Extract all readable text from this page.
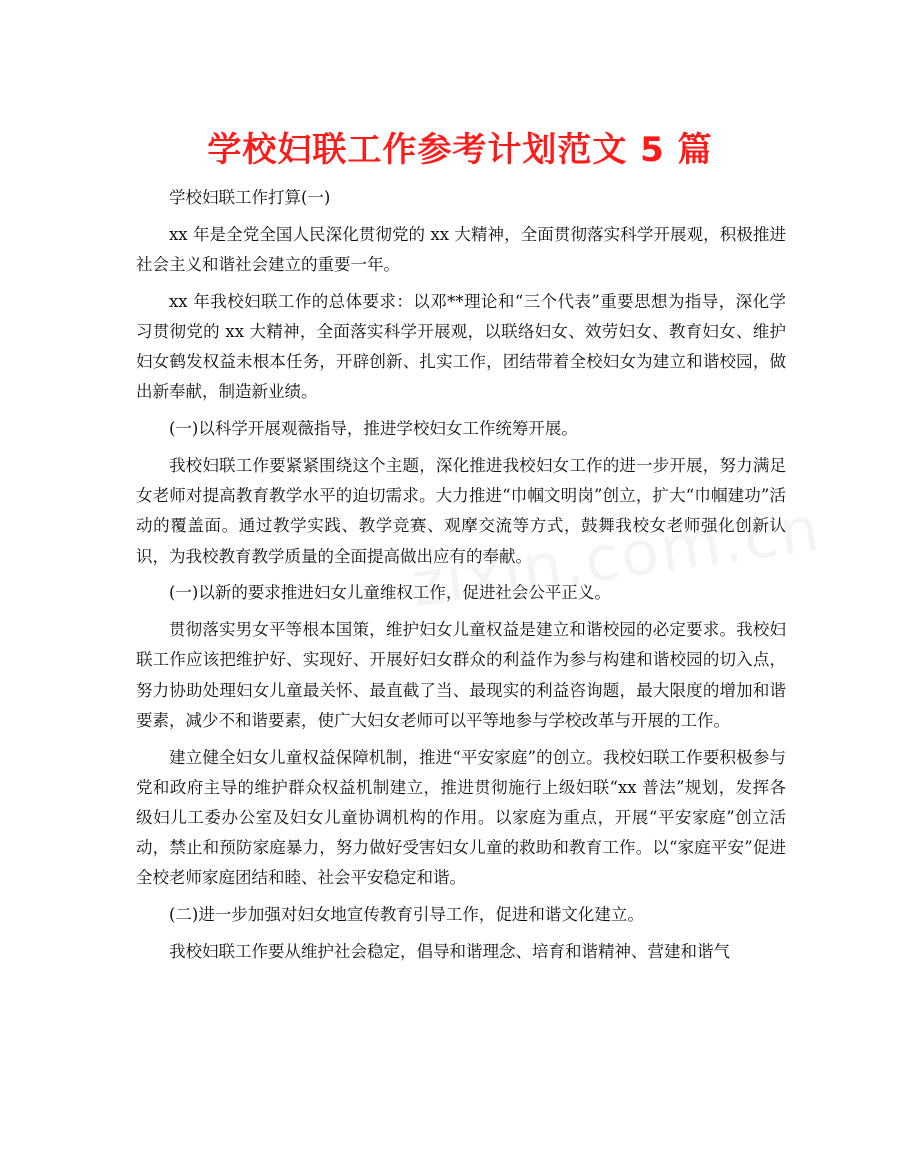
学校妇联工作参考计划范文 5 篇

学校妇联工作打算(一)

xx 年是全党全国人民深化贯彻党的 xx 大精神，全面贯彻落实科学开展观，积极推进社会主义和谐社会建立的重要一年。

xx 年我校妇联工作的总体要求：以邓**理论和“三个代表”重要思想为指导，深化学习贯彻党的 xx 大精神，全面落实科学开展观，以联络妇女、效劳妇女、教育妇女、维护妇女鹤发权益未根本任务，开辟创新、扎实工作，团结带着全校妇女为建立和谐校园，做出新奉献，制造新业绩。

(一)以科学开展观薇指导，推进学校妇女工作统筹开展。

我校妇联工作要紧紧围绕这个主题，深化推进我校妇女工作的进一步开展，努力满足女老师对提高教育教学水平的迫切需求。大力推进“巾帼文明岗”创立，扩大“巾帼建功”活动的覆盖面。通过教学实践、教学竞赛、观摩交流等方式，鼓舞我校女老师强化创新认识，为我校教育教学质量的全面提高做出应有的奉献。

(一)以新的要求推进妇女儿童维权工作，促进社会公平正义。

贯彻落实男女平等根本国策，维护妇女儿童权益是建立和谐校园的必定要求。我校妇联工作应该把维护好、实现好、开展好妇女群众的利益作为参与构建和谐校园的切入点，努力协助处理妇女儿童最关怀、最直截了当、最现实的利益咨询题，最大限度的增加和谐要素，减少不和谐要素，使广大妇女老师可以平等地参与学校改革与开展的工作。

建立健全妇女儿童权益保障机制，推进“平安家庭”的创立。我校妇联工作要积极参与党和政府主导的维护群众权益机制建立，推进贯彻施行上级妇联“xx 普法”规划，发挥各级妇儿工委办公室及妇女儿童协调机构的作用。以家庭为重点，开展“平安家庭”创立活动，禁止和预防家庭暴力，努力做好受害妇女儿童的救助和教育工作。以“家庭平安”促进全校老师家庭团结和睦、社会平安稳定和谐。

(二)进一步加强对妇女地宣传教育引导工作，促进和谐文化建立。

我校妇联工作要从维护社会稳定，倡导和谐理念、培育和谐精神、营建和谐气
